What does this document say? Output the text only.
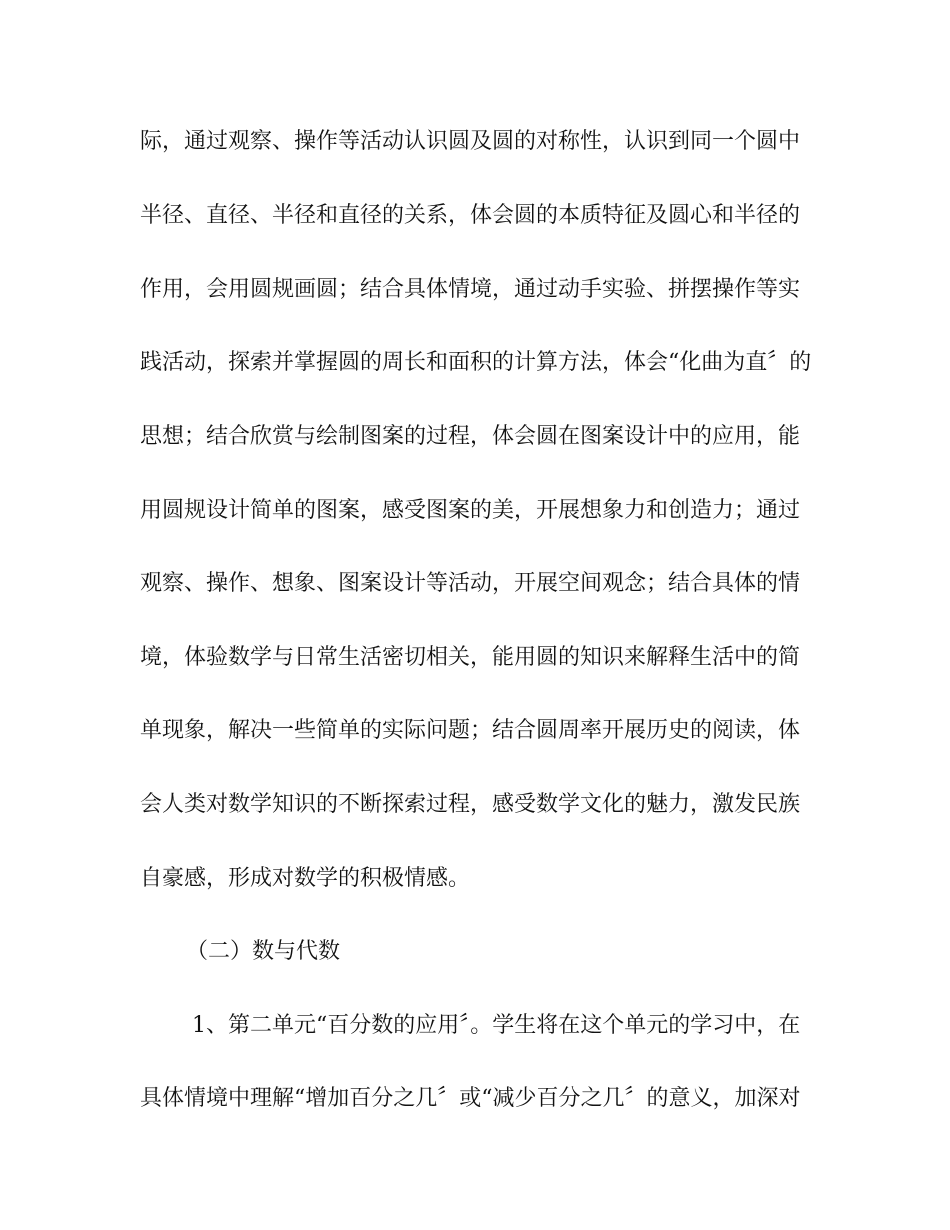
际，通过观察、操作等活动认识圆及圆的对称性，认识到同一个圆中
半径、直径、半径和直径的关系，体会圆的本质特征及圆心和半径的
作用，会用圆规画圆；结合具体情境，通过动手实验、拼摆操作等实
践活动，探索并掌握圆的周长和面积的计算方法，体会“化曲为直〞的
思想；结合欣赏与绘制图案的过程，体会圆在图案设计中的应用，能
用圆规设计简单的图案，感受图案的美，开展想象力和创造力；通过
观察、操作、想象、图案设计等活动，开展空间观念；结合具体的情
境，体验数学与日常生活密切相关，能用圆的知识来解释生活中的简
单现象，解决一些简单的实际问题；结合圆周率开展历史的阅读，体
会人类对数学知识的不断探索过程，感受数学文化的魅力，激发民族
自豪感，形成对数学的积极情感。
（二）数与代数
1、第二单元“百分数的应用〞。学生将在这个单元的学习中，在
具体情境中理解“增加百分之几〞或“减少百分之几〞的意义，加深对
